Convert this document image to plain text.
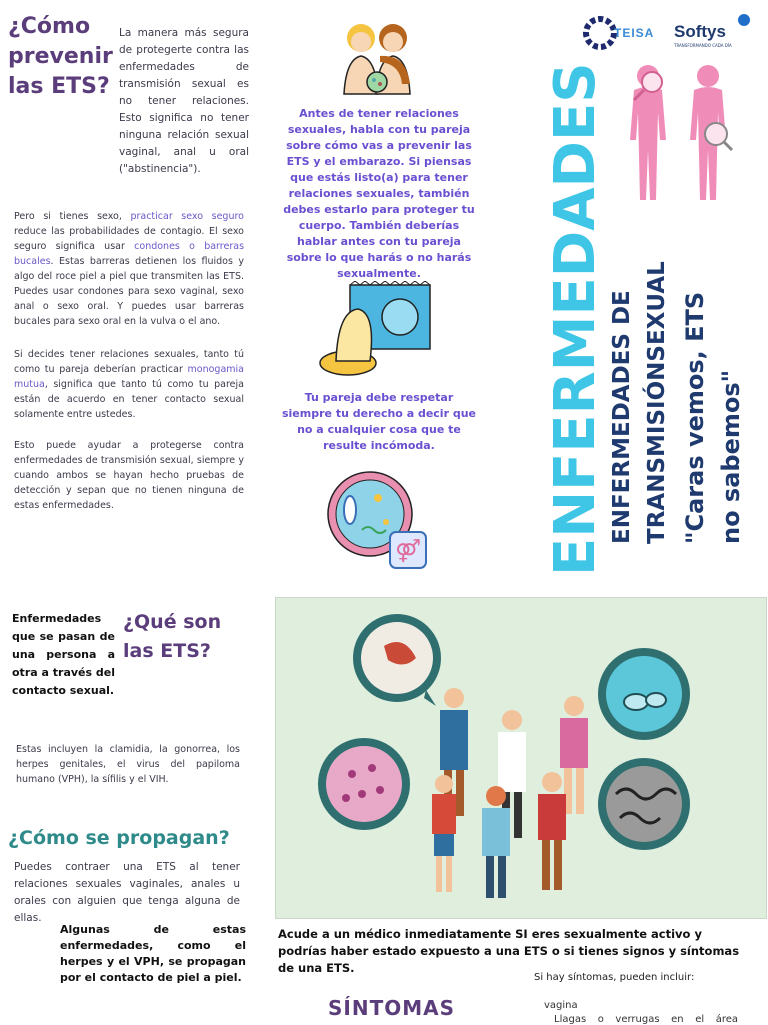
¿Cómo prevenir las ETS?
La manera más segura de protegerte contra las enfermedades de transmisión sexual es no tener relaciones. Esto significa no tener ninguna relación sexual vaginal, anal u oral ("abstinencia").
Pero si tienes sexo, practicar sexo seguro reduce las probabilidades de contagio. El sexo seguro significa usar condones o barreras bucales. Estas barreras detienen los fluidos y algo del roce piel a piel que transmiten las ETS. Puedes usar condones para sexo vaginal, sexo anal o sexo oral. Y puedes usar barreras bucales para sexo oral en la vulva o el ano.
Si decides tener relaciones sexuales, tanto tú como tu pareja deberían practicar monogamia mutua, significa que tanto tú como tu pareja están de acuerdo en tener contacto sexual solamente entre ustedes.
Esto puede ayudar a protegerse contra enfermedades de transmisión sexual, siempre y cuando ambos se hayan hecho pruebas de detección y sepan que no tienen ninguna de estas enfermedades.
Enfermedades que se pasan de una persona a otra a través del contacto sexual.
¿Qué son las ETS?
Estas incluyen la clamidia, la gonorrea, los herpes genitales, el virus del papiloma humano (VPH), la sífilis y el VIH.
¿Cómo se propagan?
Puedes contraer una ETS al tener relaciones sexuales vaginales, anales u orales con alguien que tenga alguna de ellas.
Algunas de estas enfermedades, como el herpes y el VPH, se propagan por el contacto de piel a piel.
Antes de tener relaciones sexuales, habla con tu pareja sobre cómo vas a prevenir las ETS y el embarazo. Si piensas que estás listo(a) para tener relaciones sexuales, también debes estarlo para proteger tu cuerpo. También deberías hablar antes con tu pareja sobre lo que harás o no harás sexualmente.
Tu pareja debe respetar siempre tu derecho a decir que no a cualquier cosa que te resulte incómoda.
⚤
SÍNTOMAS
TEISA Softys
TRANSFORMANDO CADA DÍA
ENFERMEDADES ENFERMEDADES DE TRANSMISIÓNSEXUAL "Caras vemos, ETS no sabemos"
Acude a un médico inmediatamente SI eres sexualmente activo y podrías haber estado expuesto a una ETS o si tienes signos y síntomas de una ETS.
Si hay síntomas, pueden incluir:
vagina
Llagas o verrugas en el área
